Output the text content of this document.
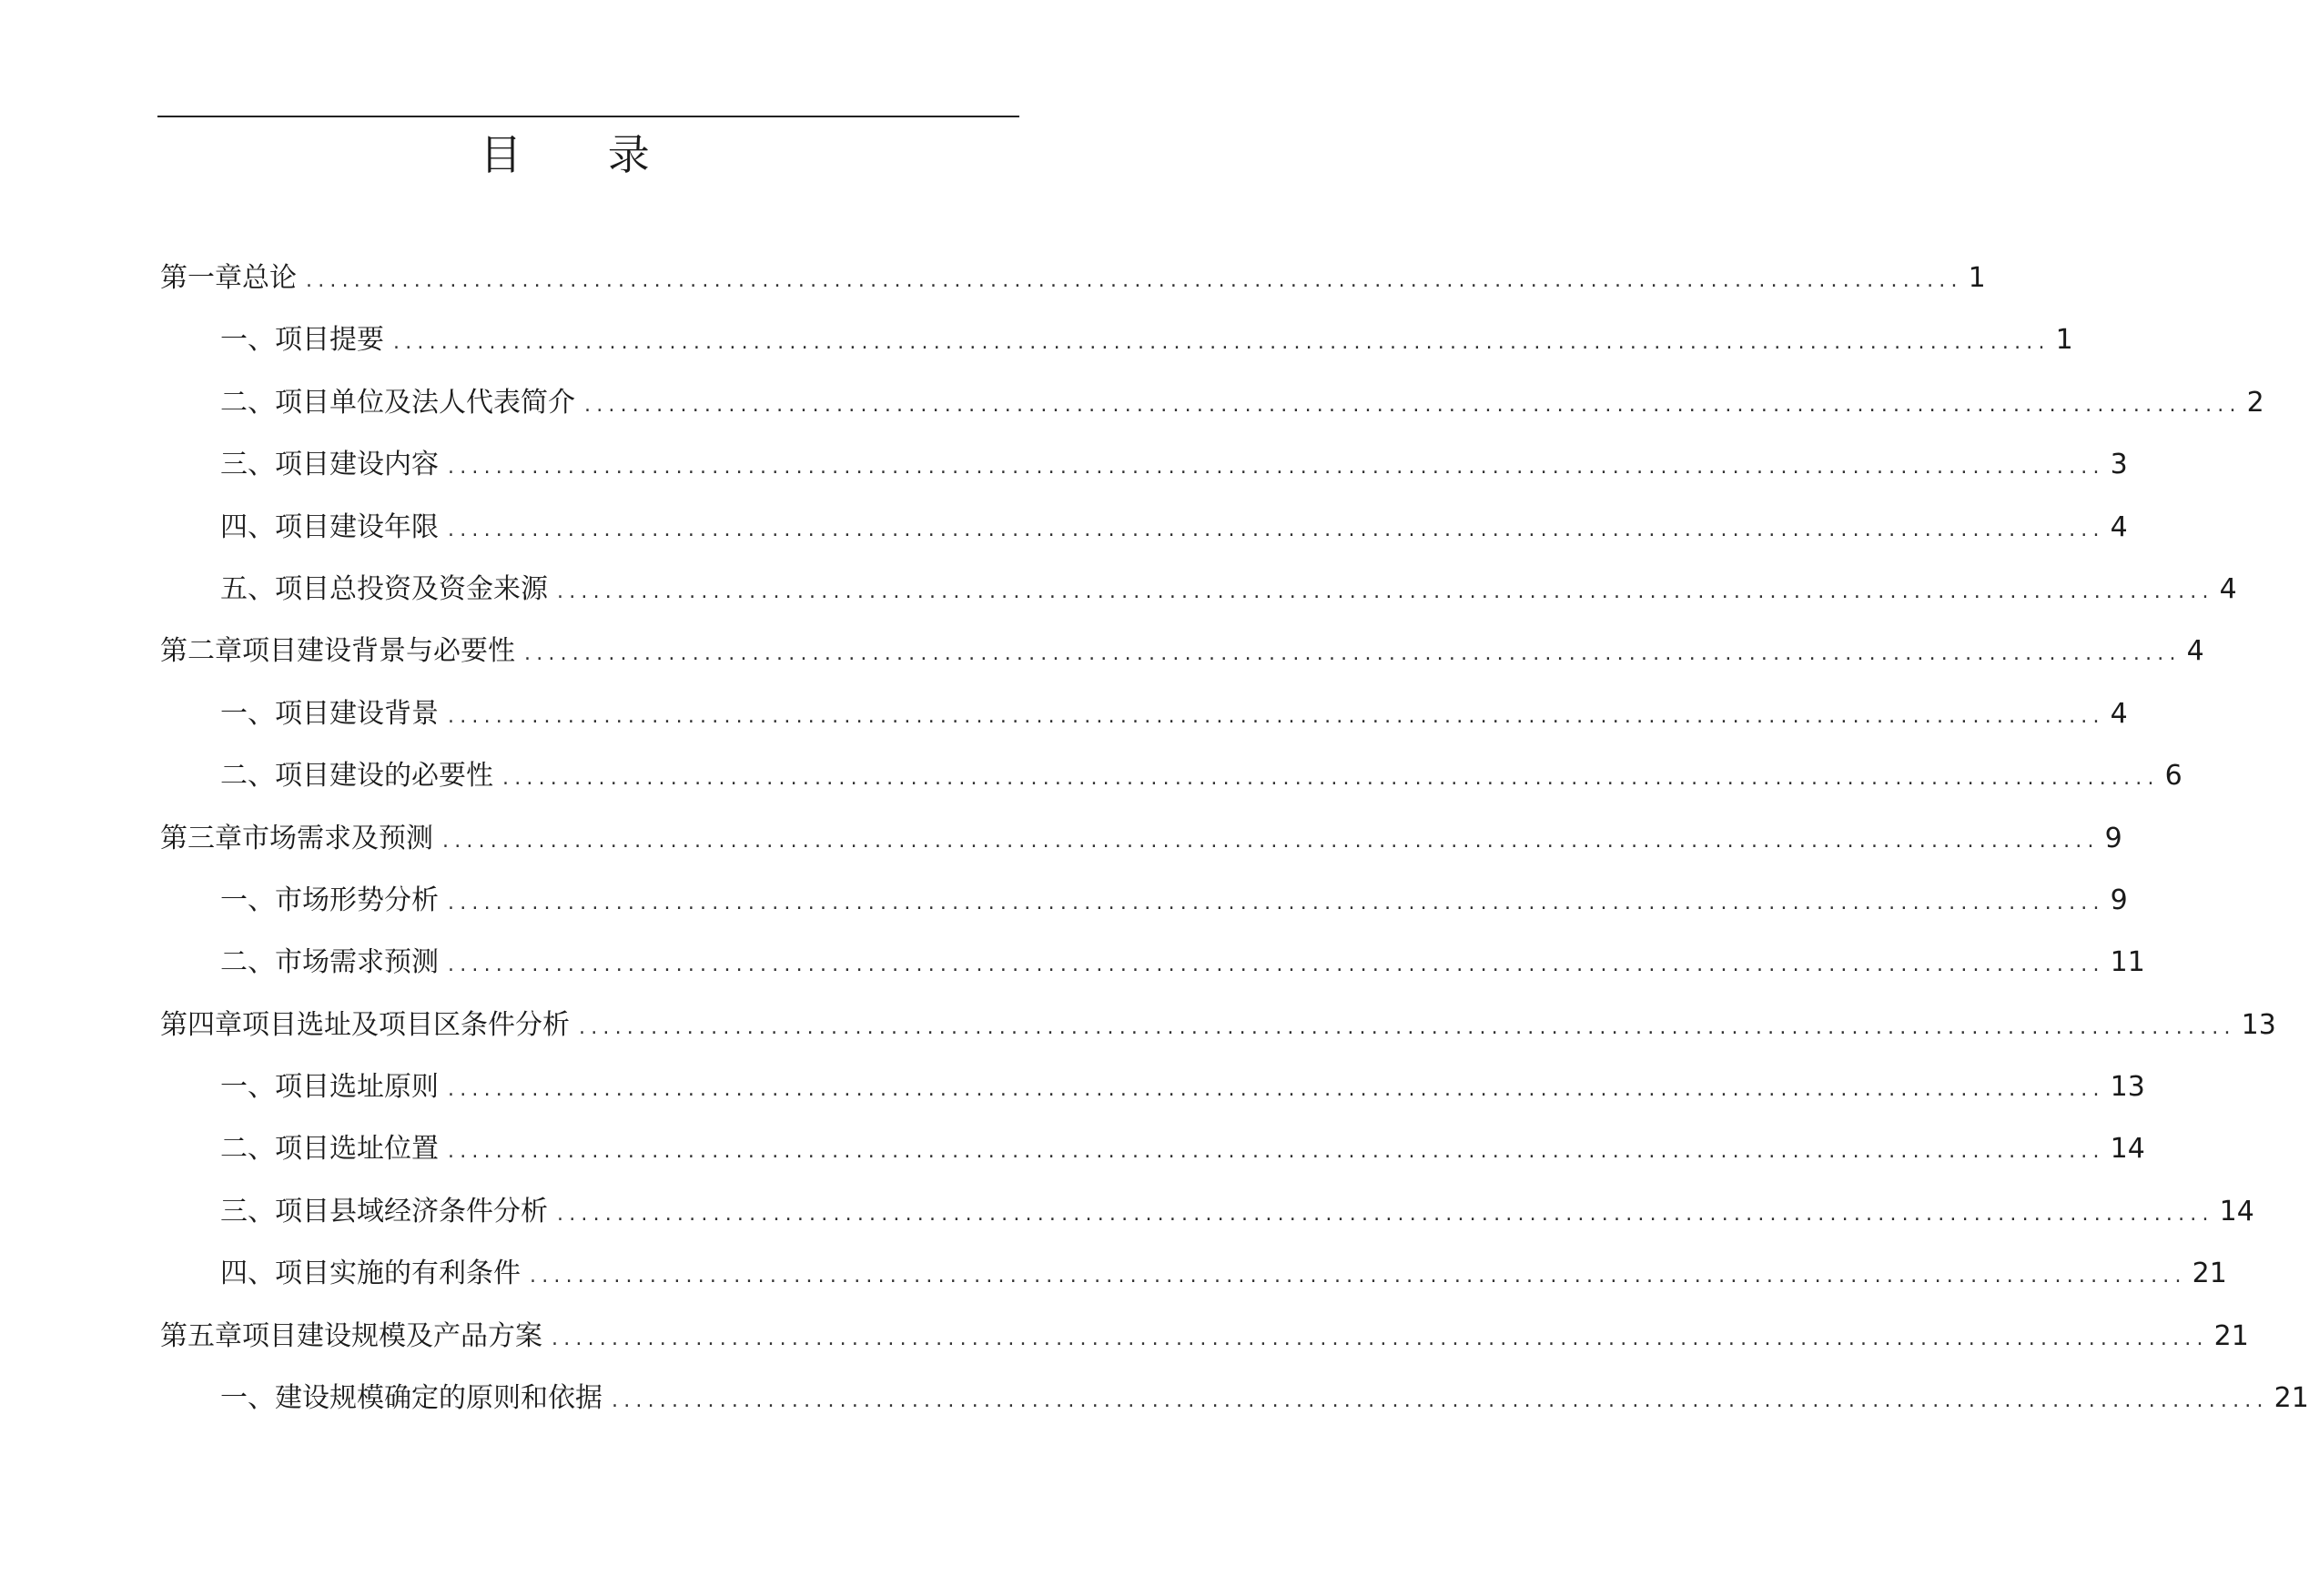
目 录
第一章 总论 .......................................................................................................................................... 1
一、项目提要 .......................................................................................................................................... 1
二、项目单位及法人代表简介 .......................................................................................................................................... 2
三、项目建设内容 .......................................................................................................................................... 3
四、项目建设年限 .......................................................................................................................................... 4
五、项目总投资及资金来源 .......................................................................................................................................... 4
第二章 项目建设背景与必要性 .......................................................................................................................................... 4
一、项目建设背景 .......................................................................................................................................... 4
二、项目建设的必要性 .......................................................................................................................................... 6
第三章 市场需求及预测 .......................................................................................................................................... 9
一、市场形势分析 .......................................................................................................................................... 9
二、市场需求预测 .......................................................................................................................................... 11
第四章 项目选址及项目区条件分析 .......................................................................................................................................... 13
一、项目选址原则 .......................................................................................................................................... 13
二、项目选址位置 .......................................................................................................................................... 14
三、项目县域经济条件分析 .......................................................................................................................................... 14
四、项目实施的有利条件 .......................................................................................................................................... 21
第五章 项目建设规模及产品方案 .......................................................................................................................................... 21
一、建设规模确定的原则和依据 .......................................................................................................................................... 21
